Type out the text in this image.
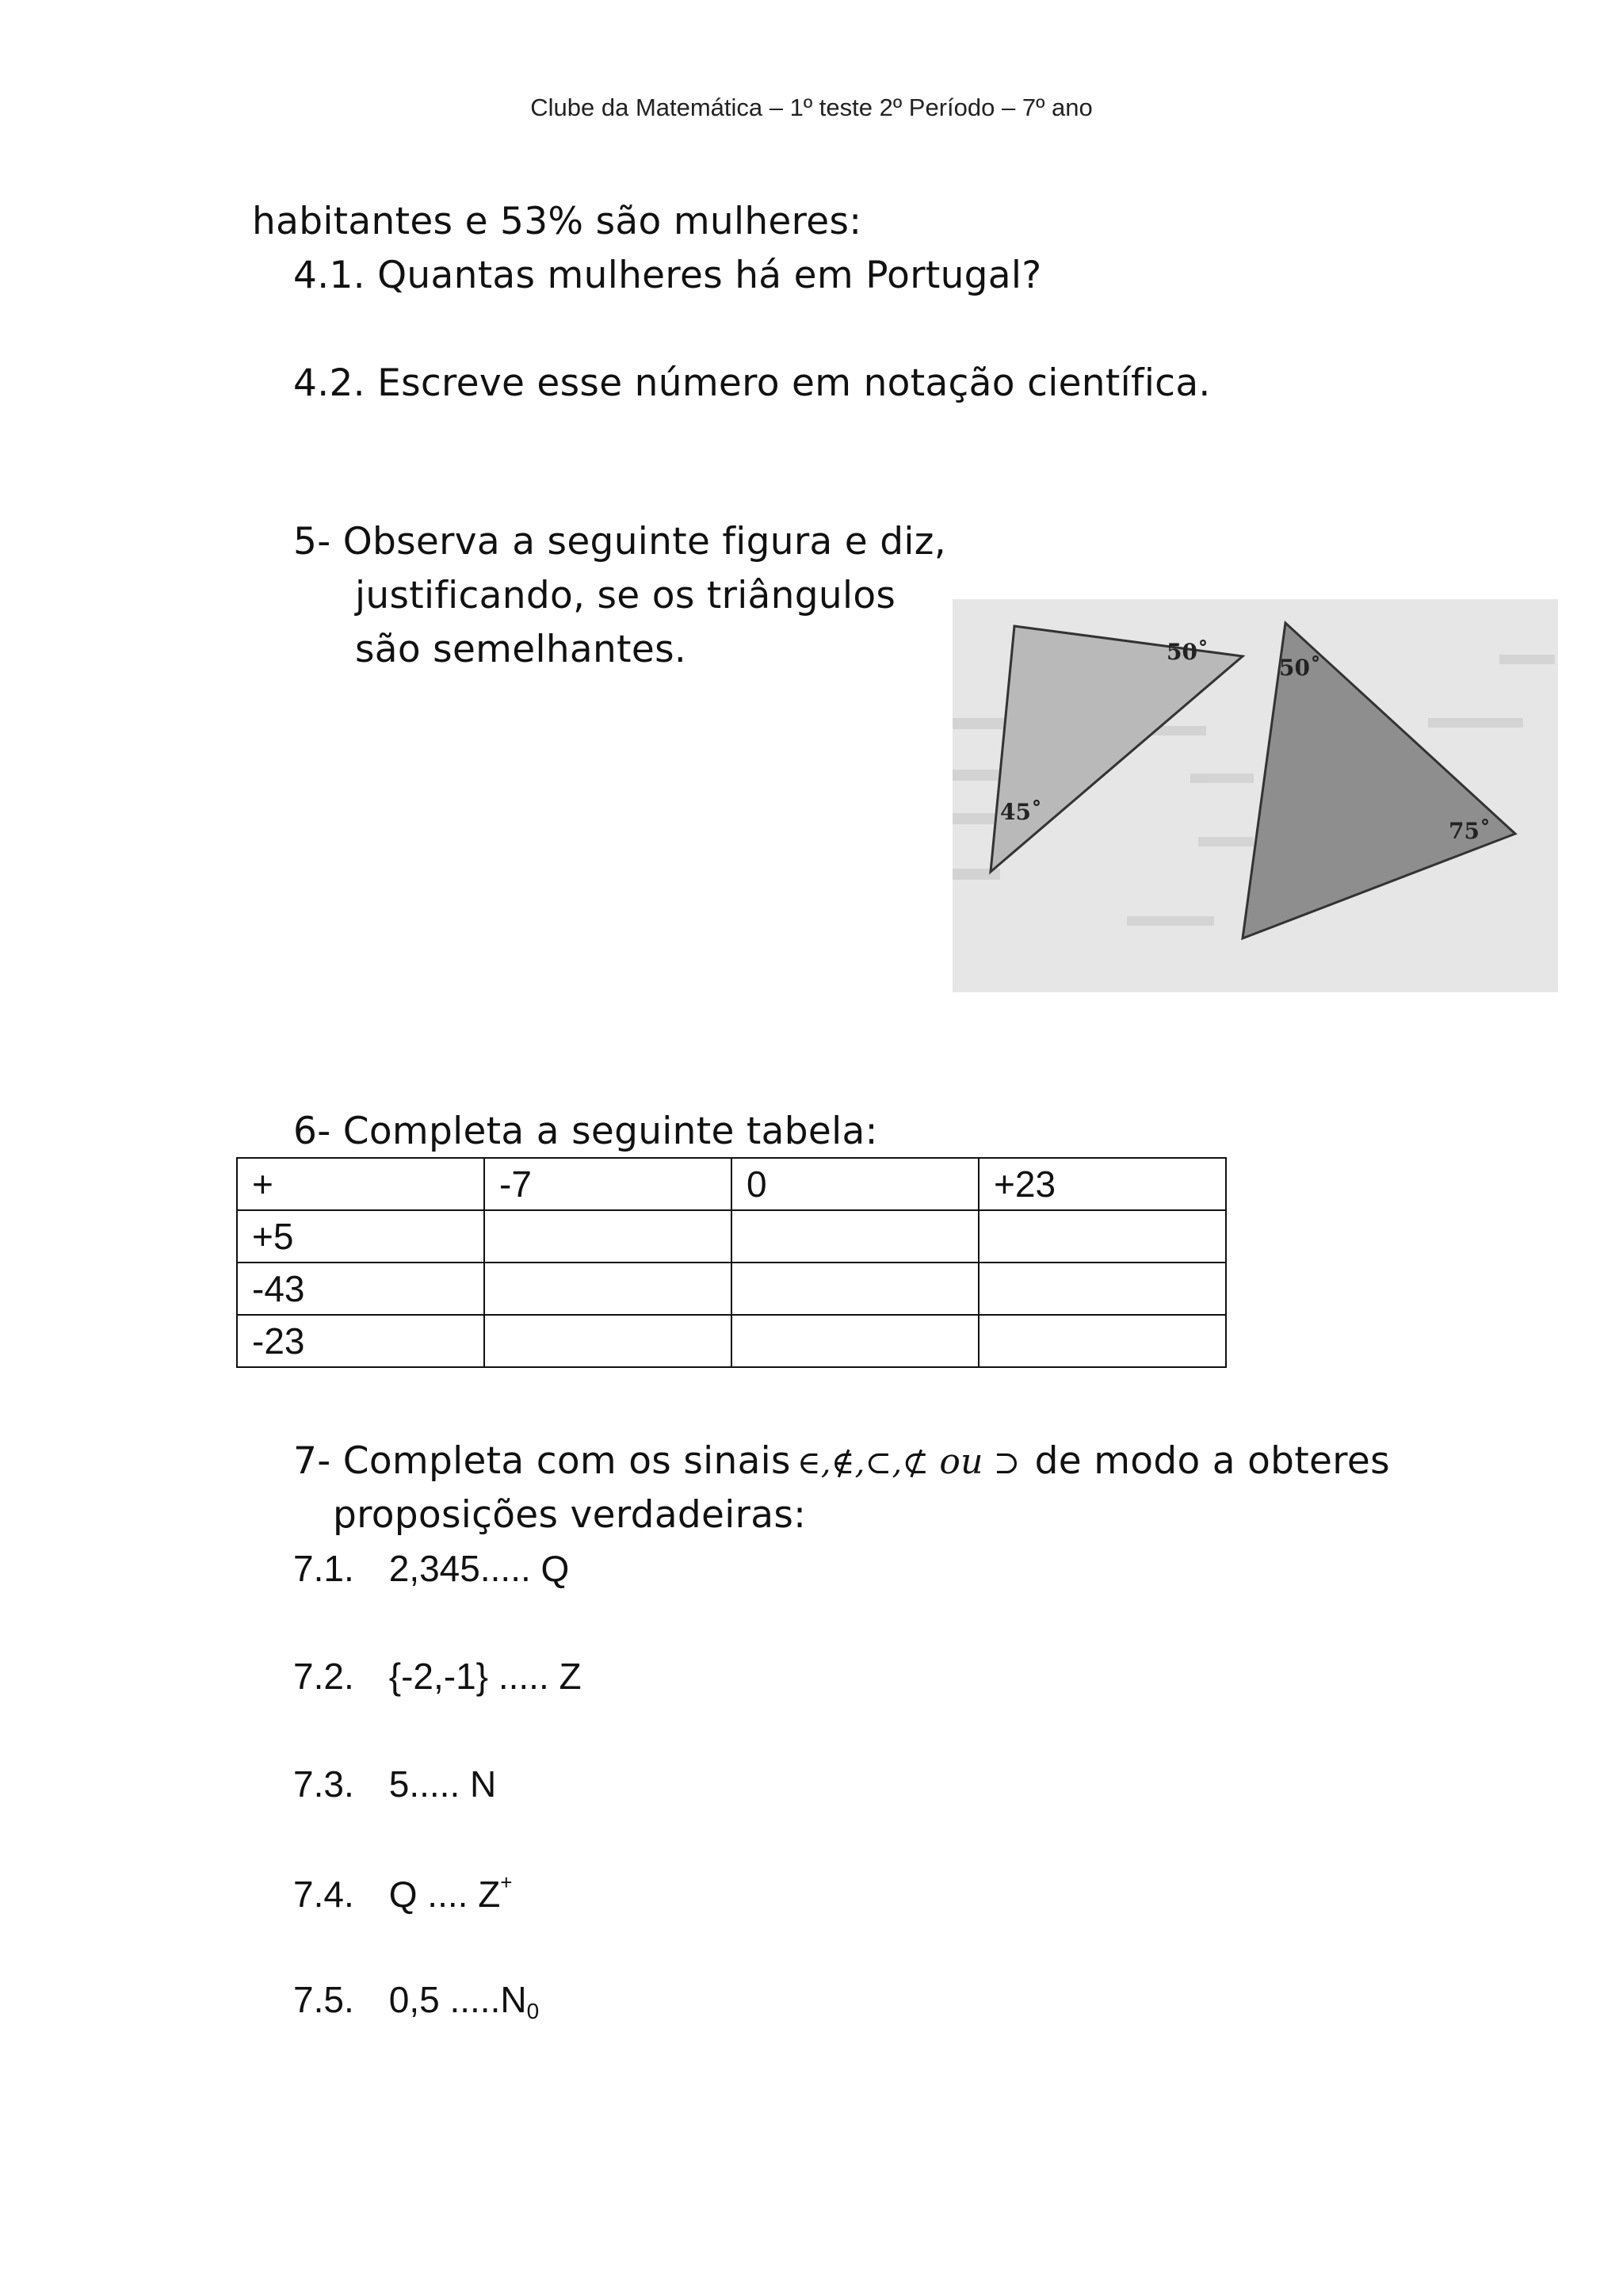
Clube da Matemática – 1º teste 2º Período – 7º ano
habitantes e 53% são mulheres:
4.1. Quantas mulheres há em Portugal?
4.2. Escreve esse número em notação científica.
5- Observa a seguinte figura e diz,
justificando, se os triângulos
são semelhantes.	50˚
45˚
50˚
75˚
6- Completa a seguinte tabela:
+	-7	0	+23
+5			
-43			
-23			
7- Completa com os sinais ∈,∉,⊂,⊄ ou ⊃ de modo a obteres
proposições verdadeiras:
7.1. 2,345..... Q
7.2. {-2,-1} ..... Z
7.3. 5..... N
7.4. Q .... Z+
7.5. 0,5 $.....N_0$
